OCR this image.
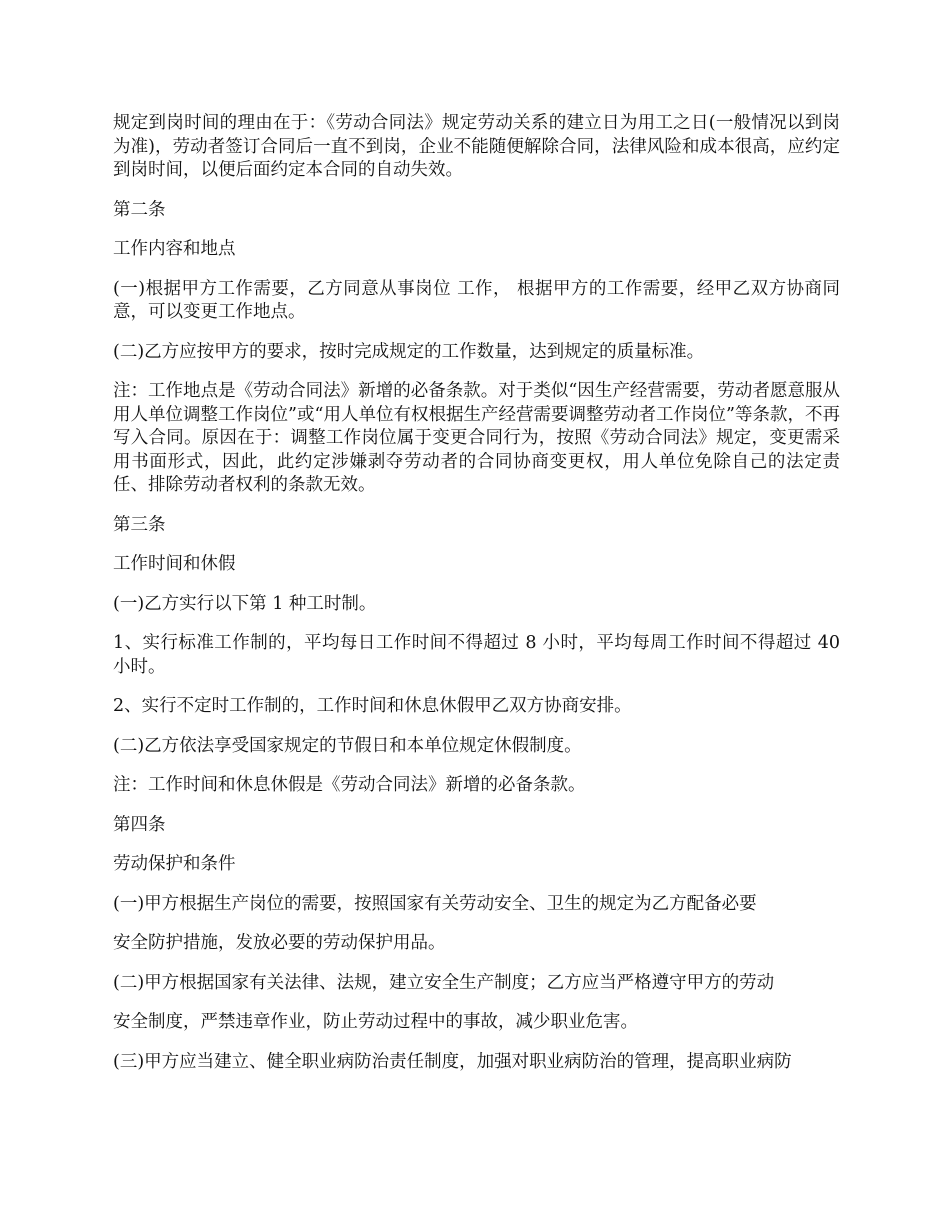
规定到岗时间的理由在于：《劳动合同法》规定劳动关系的建立日为用工之日(一般情况以到岗为准)，劳动者签订合同后一直不到岗，企业不能随便解除合同，法律风险和成本很高，应约定到岗时间，以便后面约定本合同的自动失效。

第二条

工作内容和地点

(一)根据甲方工作需要，乙方同意从事岗位 工作， 根据甲方的工作需要，经甲乙双方协商同意，可以变更工作地点。

(二)乙方应按甲方的要求，按时完成规定的工作数量，达到规定的质量标准。

注：工作地点是《劳动合同法》新增的必备条款。对于类似“因生产经营需要，劳动者愿意服从用人单位调整工作岗位”或“用人单位有权根据生产经营需要调整劳动者工作岗位”等条款，不再写入合同。原因在于：调整工作岗位属于变更合同行为，按照《劳动合同法》规定，变更需采用书面形式，因此，此约定涉嫌剥夺劳动者的合同协商变更权，用人单位免除自己的法定责任、排除劳动者权利的条款无效。

第三条

工作时间和休假

(一)乙方实行以下第 1 种工时制。

1、实行标准工作制的，平均每日工作时间不得超过 8 小时，平均每周工作时间不得超过 40 小时。

2、实行不定时工作制的，工作时间和休息休假甲乙双方协商安排。

(二)乙方依法享受国家规定的节假日和本单位规定休假制度。

注：工作时间和休息休假是《劳动合同法》新增的必备条款。

第四条

劳动保护和条件

(一)甲方根据生产岗位的需要，按照国家有关劳动安全、卫生的规定为乙方配备必要

安全防护措施，发放必要的劳动保护用品。

(二)甲方根据国家有关法律、法规，建立安全生产制度；乙方应当严格遵守甲方的劳动

安全制度，严禁违章作业，防止劳动过程中的事故，减少职业危害。

(三)甲方应当建立、健全职业病防治责任制度，加强对职业病防治的管理，提高职业病防
